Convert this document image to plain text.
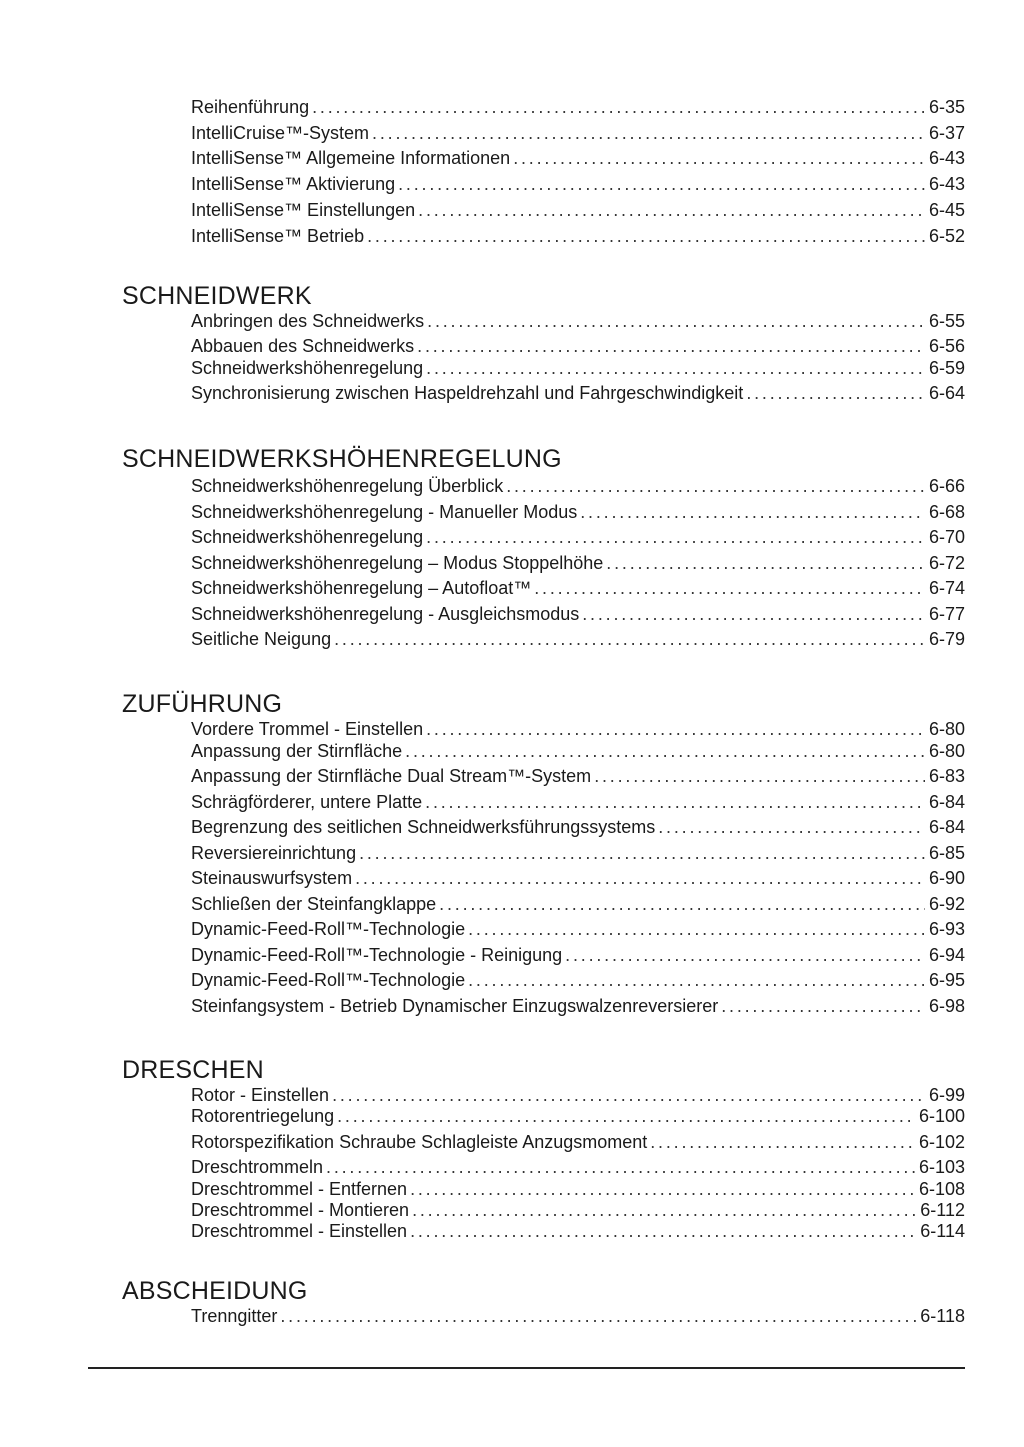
Reihenführung . . .	6-35
IntelliCruise™-System . . .	6-37
IntelliSense™ Allgemeine Informationen . . .	6-43
IntelliSense™ Aktivierung . . .	6-43
IntelliSense™ Einstellungen . . .	6-45
IntelliSense™ Betrieb . . .	6-52
SCHNEIDWERK
Anbringen des Schneidwerks . . .	6-55
Abbauen des Schneidwerks . . .	6-56
Schneidwerkshöhenregelung . . .	6-59
Synchronisierung zwischen Haspeldrehzahl und Fahrgeschwindigkeit . . .	6-64
SCHNEIDWERKSHÖHENREGELUNG
Schneidwerkshöhenregelung Überblick . . .	6-66
Schneidwerkshöhenregelung - Manueller Modus . . .	6-68
Schneidwerkshöhenregelung . . .	6-70
Schneidwerkshöhenregelung – Modus Stoppelhöhe . . .	6-72
Schneidwerkshöhenregelung – Autofloat™ . . .	6-74
Schneidwerkshöhenregelung - Ausgleichsmodus . . .	6-77
Seitliche Neigung . . .	6-79
ZUFÜHRUNG
Vordere Trommel - Einstellen . . .	6-80
Anpassung der Stirnfläche . . .	6-80
Anpassung der Stirnfläche Dual Stream™-System . . .	6-83
Schrägförderer, untere Platte . . .	6-84
Begrenzung des seitlichen Schneidwerksführungssystems . . .	6-84
Reversiereinrichtung . . .	6-85
Steinauswurfsystem . . .	6-90
Schließen der Steinfangklappe . . .	6-92
Dynamic-Feed-Roll™-Technologie . . .	6-93
Dynamic-Feed-Roll™-Technologie - Reinigung . . .	6-94
Dynamic-Feed-Roll™-Technologie . . .	6-95
Steinfangsystem - Betrieb Dynamischer Einzugswalzenreversierer . . .	6-98
DRESCHEN
Rotor - Einstellen . . .	6-99
Rotorentriegelung . . .	6-100
Rotorspezifikation Schraube Schlagleiste Anzugsmoment . . .	6-102
Dreschtrommeln . . .	6-103
Dreschtrommel - Entfernen . . .	6-108
Dreschtrommel - Montieren . . .	6-112
Dreschtrommel - Einstellen . . .	6-114
ABSCHEIDUNG
Trenngitter . . .	6-118
